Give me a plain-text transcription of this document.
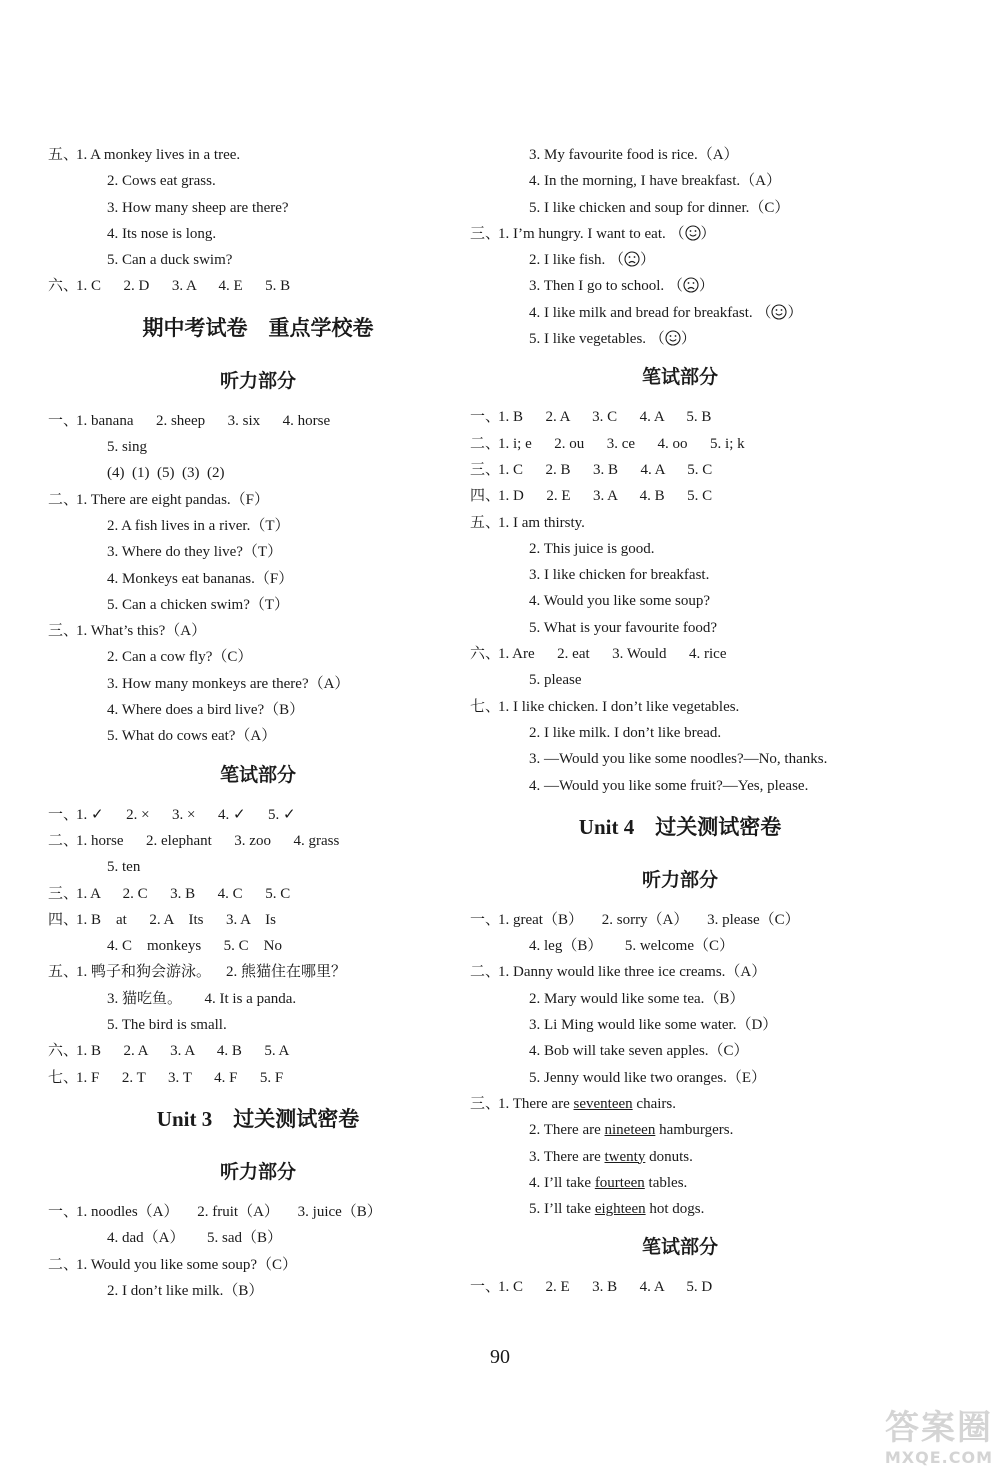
五、1. A monkey lives in a tree.
2. Cows eat grass.
3. How many sheep are there?
4. Its nose is long.
5. Can a duck swim?
六、1. C      2. D      3. A      4. E      5. B
期中考试卷    重点学校卷
听力部分
一、1. banana      2. sheep      3. six      4. horse
5. sing
(4)  (1)  (5)  (3)  (2)
二、1. There are eight pandas.（F）
2. A fish lives in a river.（T）
3. Where do they live?（T）
4. Monkeys eat bananas.（F）
5. Can a chicken swim?（T）
三、1. What’s this?（A）
2. Can a cow fly?（C）
3. How many monkeys are there?（A）
4. Where does a bird live?（B）
5. What do cows eat?（A）
笔试部分
一、1. ✓      2. ×      3. ×      4. ✓      5. ✓
二、1. horse      2. elephant      3. zoo      4. grass
5. ten
三、1. A      2. C      3. B      4. C      5. C
四、1. B    at      2. A    Its      3. A    Is
4. C    monkeys      5. C    No
五、1. 鸭子和狗会游泳。    2. 熊猫住在哪里？
3. 猫吃鱼。      4. It is a panda.
5. The bird is small.
六、1. B      2. A      3. A      4. B      5. A
七、1. F      2. T      3. T      4. F      5. F
Unit 3    过关测试密卷
听力部分
一、1. noodles（A）     2. fruit（A）     3. juice（B）
4. dad（A）      5. sad（B）
二、1. Would you like some soup?（C）
2. I don’t like milk.（B）
3. My favourite food is rice.（A）
4. In the morning, I have breakfast.（A）
5. I like chicken and soup for dinner.（C）
三、1. I’m hungry. I want to eat. （ ）
2. I like fish. （ ）
3. Then I go to school. （ ）
4. I like milk and bread for breakfast. （ ）
5. I like vegetables. （ ）
笔试部分
一、1. B      2. A      3. C      4. A      5. B
二、1. i; e      2. ou      3. ce      4. oo      5. i; k
三、1. C      2. B      3. B      4. A      5. C
四、1. D      2. E      3. A      4. B      5. C
五、1. I am thirsty.
2. This juice is good.
3. I like chicken for breakfast.
4. Would you like some soup?
5. What is your favourite food?
六、1. Are      2. eat      3. Would      4. rice
5. please
七、1. I like chicken. I don’t like vegetables.
2. I like milk. I don’t like bread.
3. —Would you like some noodles?—No, thanks.
4. —Would you like some fruit?—Yes, please.
Unit 4    过关测试密卷
听力部分
一、1. great（B）     2. sorry（A）     3. please（C）
4. leg（B）      5. welcome（C）
二、1. Danny would like three ice creams.（A）
2. Mary would like some tea.（B）
3. Li Ming would like some water.（D）
4. Bob will take seven apples.（C）
5. Jenny would like two oranges.（E）
三、1. There are seventeen chairs.
2. There are nineteen hamburgers.
3. There are twenty donuts.
4. I’ll take fourteen tables.
5. I’ll take eighteen hot dogs.
笔试部分
一、1. C      2. E      3. B      4. A      5. D
90
答案圈
MXQE.COM
